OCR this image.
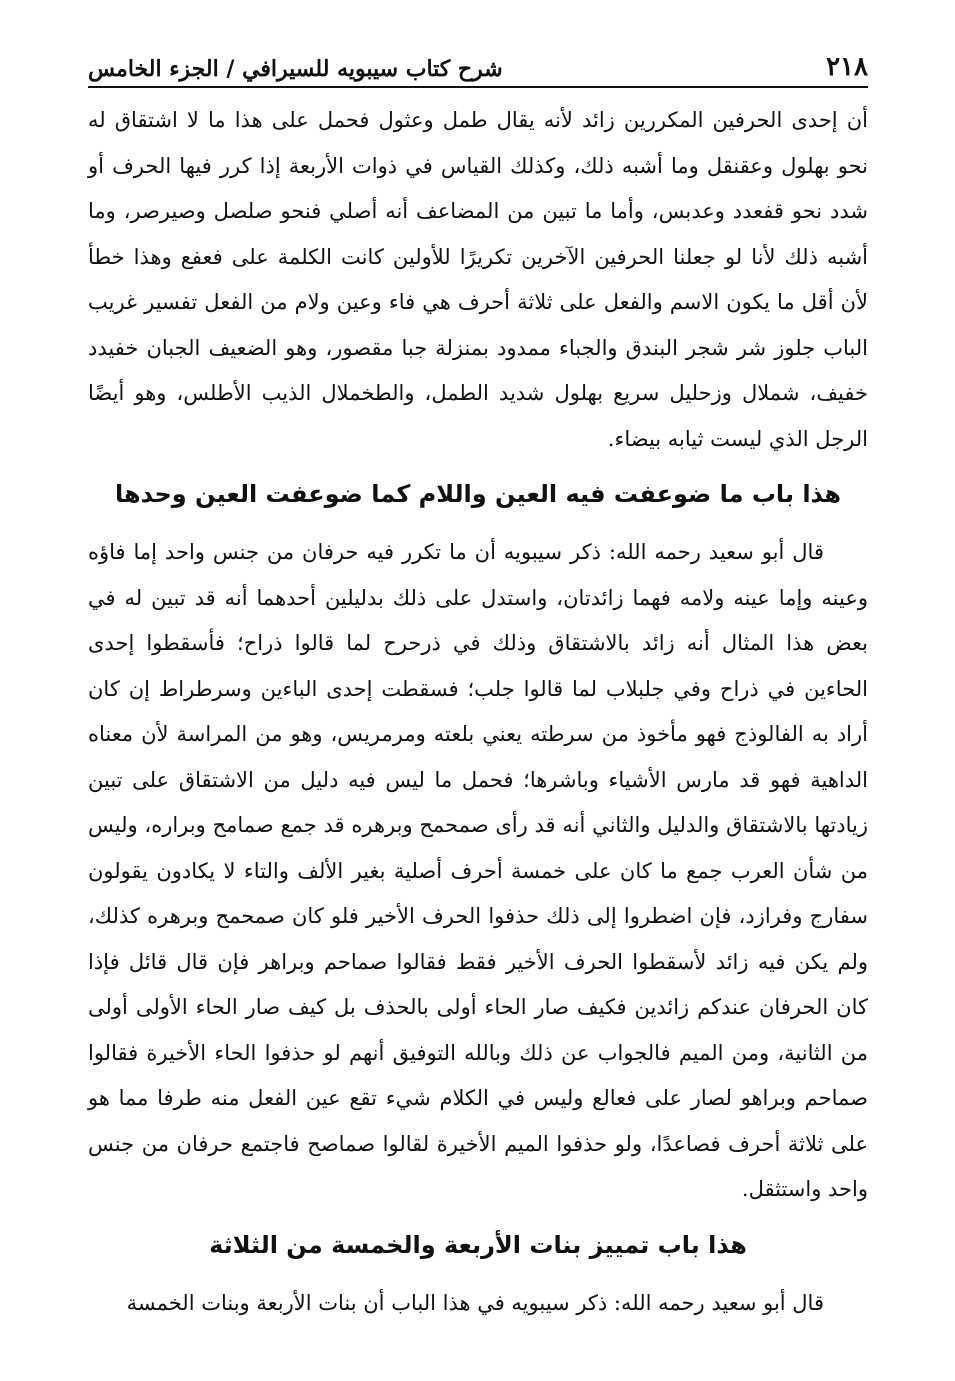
٢١٨
شرح كتاب سيبويه للسيرافي / الجزء الخامس

أن إحدى الحرفين المكررين زائد لأنه يقال طمل وعثول فحمل على هذا ما لا اشتقاق له نحو بهلول وعقنقل وما أشبه ذلك، وكذلك القياس في ذوات الأربعة إذا كرر فيها الحرف أو شدد نحو قفعدد وعدبس، وأما ما تبين من المضاعف أنه أصلي فنحو صلصل وصيرصر، وما أشبه ذلك لأنا لو جعلنا الحرفين الآخرين تكريرًا للأولين كانت الكلمة على فعفع وهذا خطأ لأن أقل ما يكون الاسم والفعل على ثلاثة أحرف هي فاء وعين ولام من الفعل تفسير غريب الباب جلوز شر شجر البندق والجباء ممدود بمنزلة جبا مقصور، وهو الضعيف الجبان خفيدد خفيف، شملال وزحليل سريع بهلول شديد الطمل، والطخملال الذيب الأطلس، وهو أيضًا الرجل الذي ليست ثيابه بيضاء.

هذا باب ما ضوعفت فيه العين واللام كما ضوعفت العين وحدها

قال أبو سعيد رحمه الله: ذكر سيبويه أن ما تكرر فيه حرفان من جنس واحد إما فاؤه وعينه وإما عينه ولامه فهما زائدتان، واستدل على ذلك بدليلين أحدهما أنه قد تبين له في بعض هذا المثال أنه زائد بالاشتقاق وذلك في ذرحرح لما قالوا ذراح؛ فأسقطوا إحدى الحاءين في ذراح وفي جلبلاب لما قالوا جلب؛ فسقطت إحدى الباءين وسرطراط إن كان أراد به الفالوذج فهو مأخوذ من سرطته يعني بلعته ومرمريس، وهو من المراسة لأن معناه الداهية فهو قد مارس الأشياء وباشرها؛ فحمل ما ليس فيه دليل من الاشتقاق على تبين زيادتها بالاشتقاق والدليل والثاني أنه قد رأى صمحمح وبرهره قد جمع صمامح وبراره، وليس من شأن العرب جمع ما كان على خمسة أحرف أصلية بغير الألف والتاء لا يكادون يقولون سفارج وفرازد، فإن اضطروا إلى ذلك حذفوا الحرف الأخير فلو كان صمحمح وبرهره كذلك، ولم يكن فيه زائد لأسقطوا الحرف الأخير فقط فقالوا صماحم وبراهر فإن قال قائل فإذا كان الحرفان عندكم زائدين فكيف صار الحاء أولى بالحذف بل كيف صار الحاء الأولى أولى من الثانية، ومن الميم فالجواب عن ذلك وبالله التوفيق أنهم لو حذفوا الحاء الأخيرة فقالوا صماحم وبراهو لصار على فعالع وليس في الكلام شيء تقع عين الفعل منه طرفا مما هو على ثلاثة أحرف فصاعدًا، ولو حذفوا الميم الأخيرة لقالوا صماصح فاجتمع حرفان من جنس واحد واستثقل.

هذا باب تمييز بنات الأربعة والخمسة من الثلاثة

قال أبو سعيد رحمه الله: ذكر سيبويه في هذا الباب أن بنات الأربعة وبنات الخمسة
